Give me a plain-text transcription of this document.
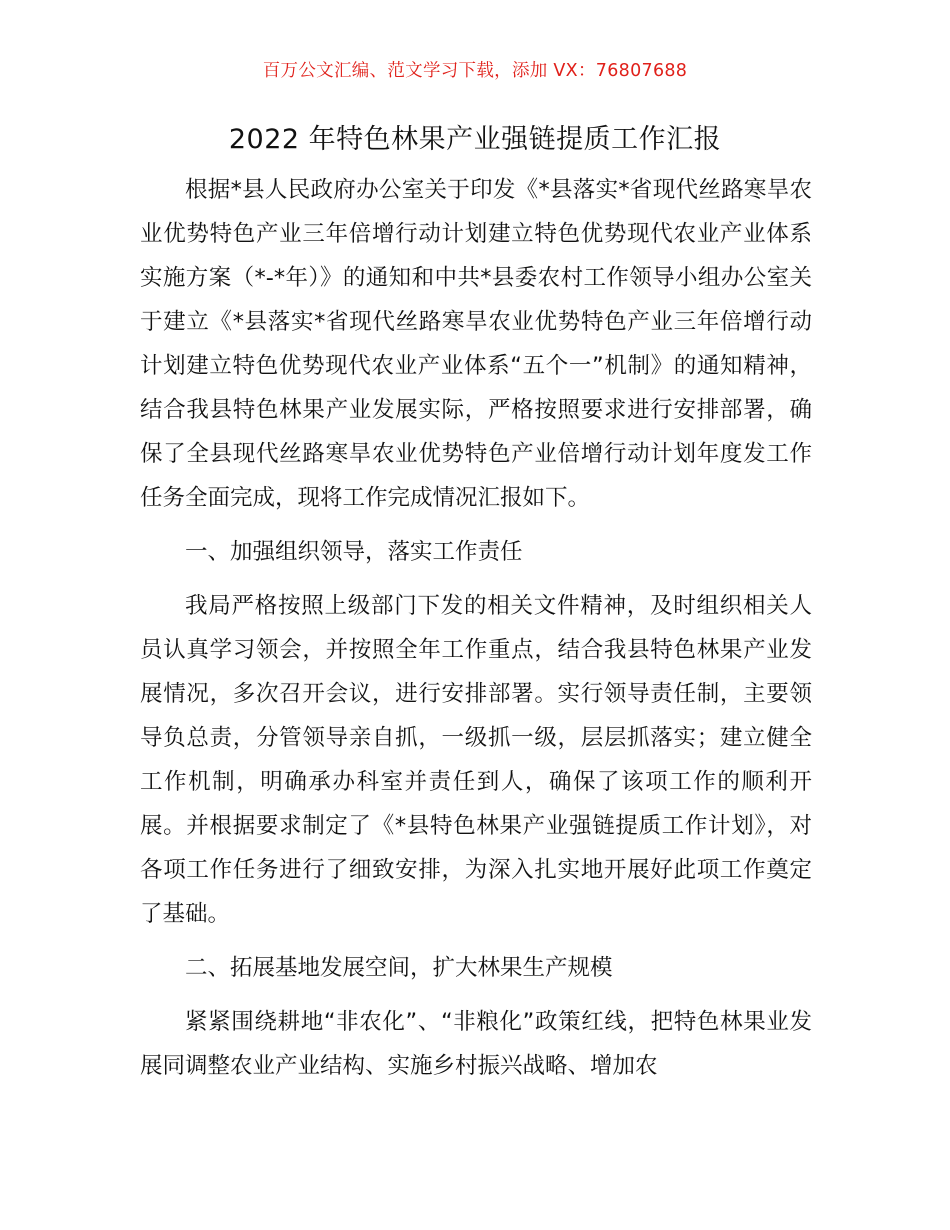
百万公文汇编、范文学习下载，添加 VX：76807688
2022 年特色林果产业强链提质工作汇报

根据*县人民政府办公室关于印发《*县落实*省现代丝路寒旱农业优势特色产业三年倍增行动计划建立特色优势现代农业产业体系实施方案（*-*年）》的通知和中共*县委农村工作领导小组办公室关于建立《*县落实*省现代丝路寒旱农业优势特色产业三年倍增行动计划建立特色优势现代农业产业体系“五个一”机制》的通知精神，结合我县特色林果产业发展实际，严格按照要求进行安排部署，确保了全县现代丝路寒旱农业优势特色产业倍增行动计划年度发工作任务全面完成，现将工作完成情况汇报如下。

一、加强组织领导，落实工作责任

我局严格按照上级部门下发的相关文件精神，及时组织相关人员认真学习领会，并按照全年工作重点，结合我县特色林果产业发展情况，多次召开会议，进行安排部署。实行领导责任制，主要领导负总责，分管领导亲自抓，一级抓一级，层层抓落实；建立健全工作机制，明确承办科室并责任到人，确保了该项工作的顺利开展。并根据要求制定了《*县特色林果产业强链提质工作计划》，对各项工作任务进行了细致安排，为深入扎实地开展好此项工作奠定了基础。

二、拓展基地发展空间，扩大林果生产规模

紧紧围绕耕地“非农化”、“非粮化”政策红线，把特色林果业发展同调整农业产业结构、实施乡村振兴战略、增加农
